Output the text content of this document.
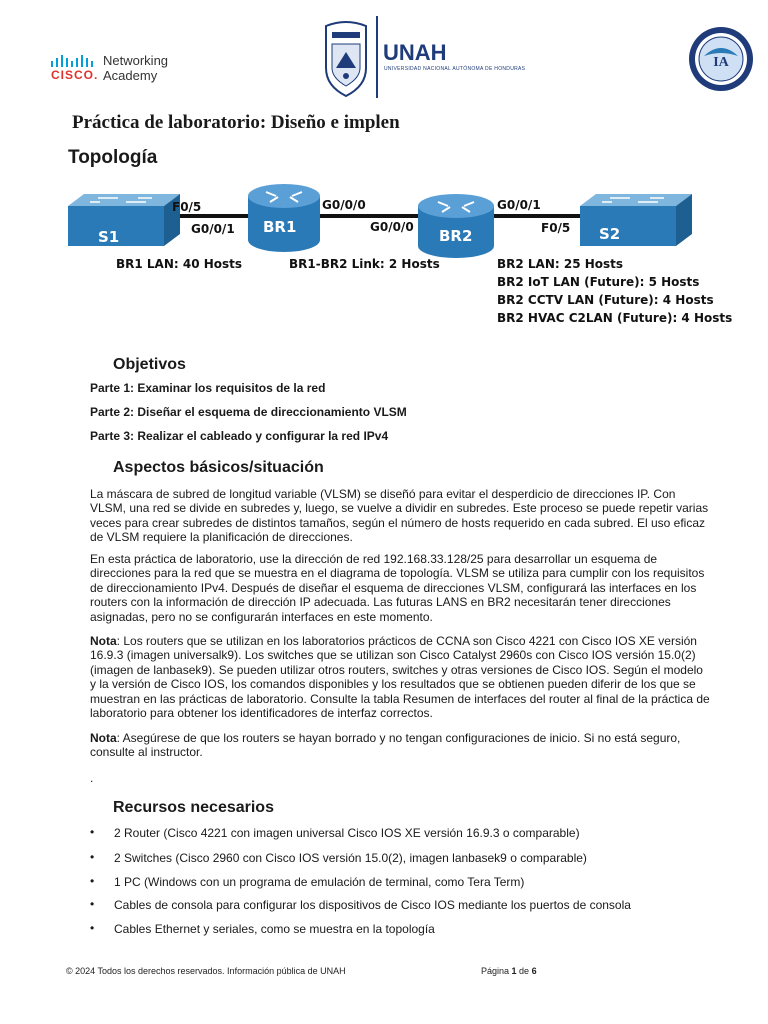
CISCO.
Networking
Academy
UNAH
UNIVERSIDAD NACIONAL AUTÓNOMA DE HONDURAS	IA
Práctica de laboratorio: Diseño e implen
Topología
S1
BR1	BR2	S2
F0/5
G0/0/1
G0/0/0
G0/0/0
G0/0/1
F0/5
BR1 LAN: 40 Hosts	BR1-BR2 Link: 2 Hosts	BR2 LAN: 25 Hosts
BR2 IoT LAN (Future): 5 Hosts
BR2 CCTV LAN (Future): 4 Hosts
BR2 HVAC C2LAN (Future): 4 Hosts
Objetivos
Parte 1: Examinar los requisitos de la red
Parte 2: Diseñar el esquema de direccionamiento VLSM
Parte 3: Realizar el cableado y configurar la red IPv4
Aspectos básicos/situación
La máscara de subred de longitud variable (VLSM) se diseñó para evitar el desperdicio de direcciones IP. Con VLSM, una red se divide en subredes y, luego, se vuelve a dividir en subredes. Este proceso se puede repetir varias veces para crear subredes de distintos tamaños, según el número de hosts requerido en cada subred. El uso eficaz de VLSM requiere la planificación de direcciones.
En esta práctica de laboratorio, use la dirección de red 192.168.33.128/25 para desarrollar un esquema de direcciones para la red que se muestra en el diagrama de topología. VLSM se utiliza para cumplir con los requisitos de direccionamiento IPv4. Después de diseñar el esquema de direcciones VLSM, configurará las interfaces en los routers con la información de dirección IP adecuada. Las futuras LANS en BR2 necesitarán tener direcciones asignadas, pero no se configurarán interfaces en este momento.
Nota: Los routers que se utilizan en los laboratorios prácticos de CCNA son Cisco 4221 con Cisco IOS XE versión 16.9.3 (imagen universalk9). Los switches que se utilizan son Cisco Catalyst 2960s con Cisco IOS versión 15.0(2) (imagen de lanbasek9). Se pueden utilizar otros routers, switches y otras versiones de Cisco IOS. Según el modelo y la versión de Cisco IOS, los comandos disponibles y los resultados que se obtienen pueden diferir de los que se muestran en las prácticas de laboratorio. Consulte la tabla Resumen de interfaces del router al final de la práctica de laboratorio para obtener los identificadores de interfaz correctos.
Nota: Asegúrese de que los routers se hayan borrado y no tengan configuraciones de inicio. Si no está seguro, consulte al instructor.
.
Recursos necesarios
• 2 Router (Cisco 4221 con imagen universal Cisco IOS XE versión 16.9.3 o comparable)
• 2 Switches (Cisco 2960 con Cisco IOS versión 15.0(2), imagen lanbasek9 o comparable)
• 1 PC (Windows con un programa de emulación de terminal, como Tera Term)
• Cables de consola para configurar los dispositivos de Cisco IOS mediante los puertos de consola
• Cables Ethernet y seriales, como se muestra en la topología
© 2024 Todos los derechos reservados. Información pública de UNAH	Página 1 de 6
